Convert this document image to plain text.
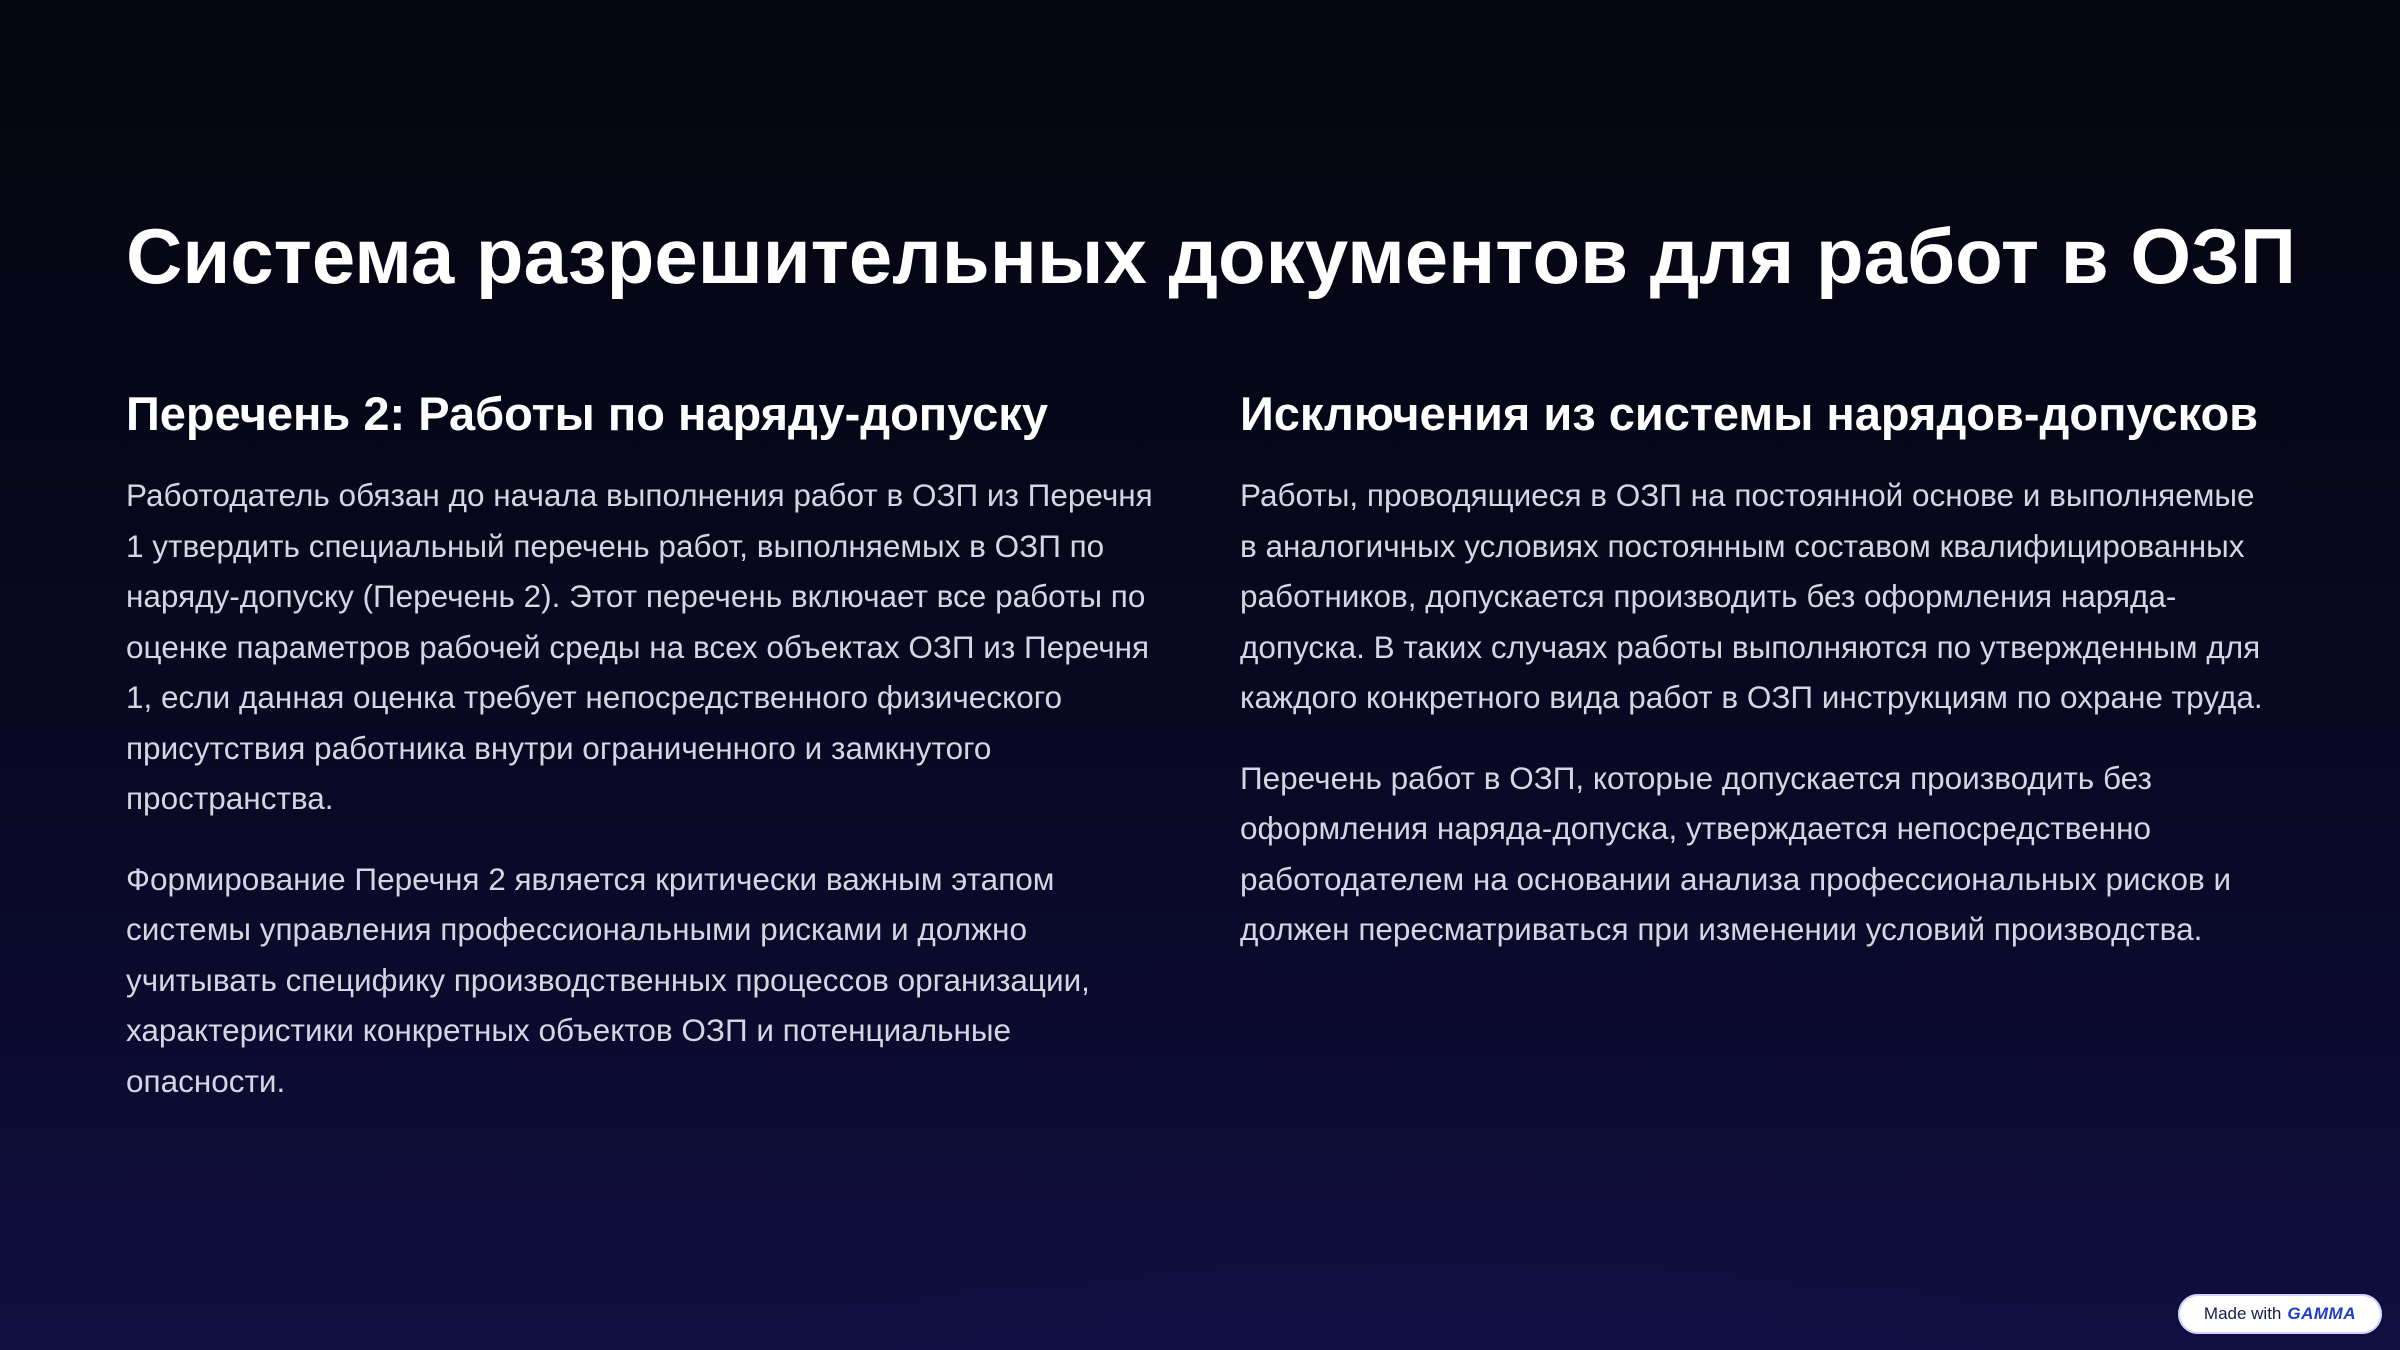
Система разрешительных документов для работ в ОЗП
Перечень 2: Работы по наряду-допуску

Работодатель обязан до начала выполнения работ в ОЗП из Перечня 1 утвердить специальный перечень работ, выполняемых в ОЗП по наряду-допуску (Перечень 2). Этот перечень включает все работы по оценке параметров рабочей среды на всех объектах ОЗП из Перечня 1, если данная оценка требует непосредственного физического присутствия работника внутри ограниченного и замкнутого пространства.

Формирование Перечня 2 является критически важным этапом системы управления профессиональными рисками и должно учитывать специфику производственных процессов организации, характеристики конкретных объектов ОЗП и потенциальные опасности.

Исключения из системы нарядов-допусков

Работы, проводящиеся в ОЗП на постоянной основе и выполняемые в аналогичных условиях постоянным составом квалифицированных работников, допускается производить без оформления наряда-допуска. В таких случаях работы выполняются по утвержденным для каждого конкретного вида работ в ОЗП инструкциям по охране труда.

Перечень работ в ОЗП, которые допускается производить без оформления наряда-допуска, утверждается непосредственно работодателем на основании анализа профессиональных рисков и должен пересматриваться при изменении условий производства.

Made with GAMMA
